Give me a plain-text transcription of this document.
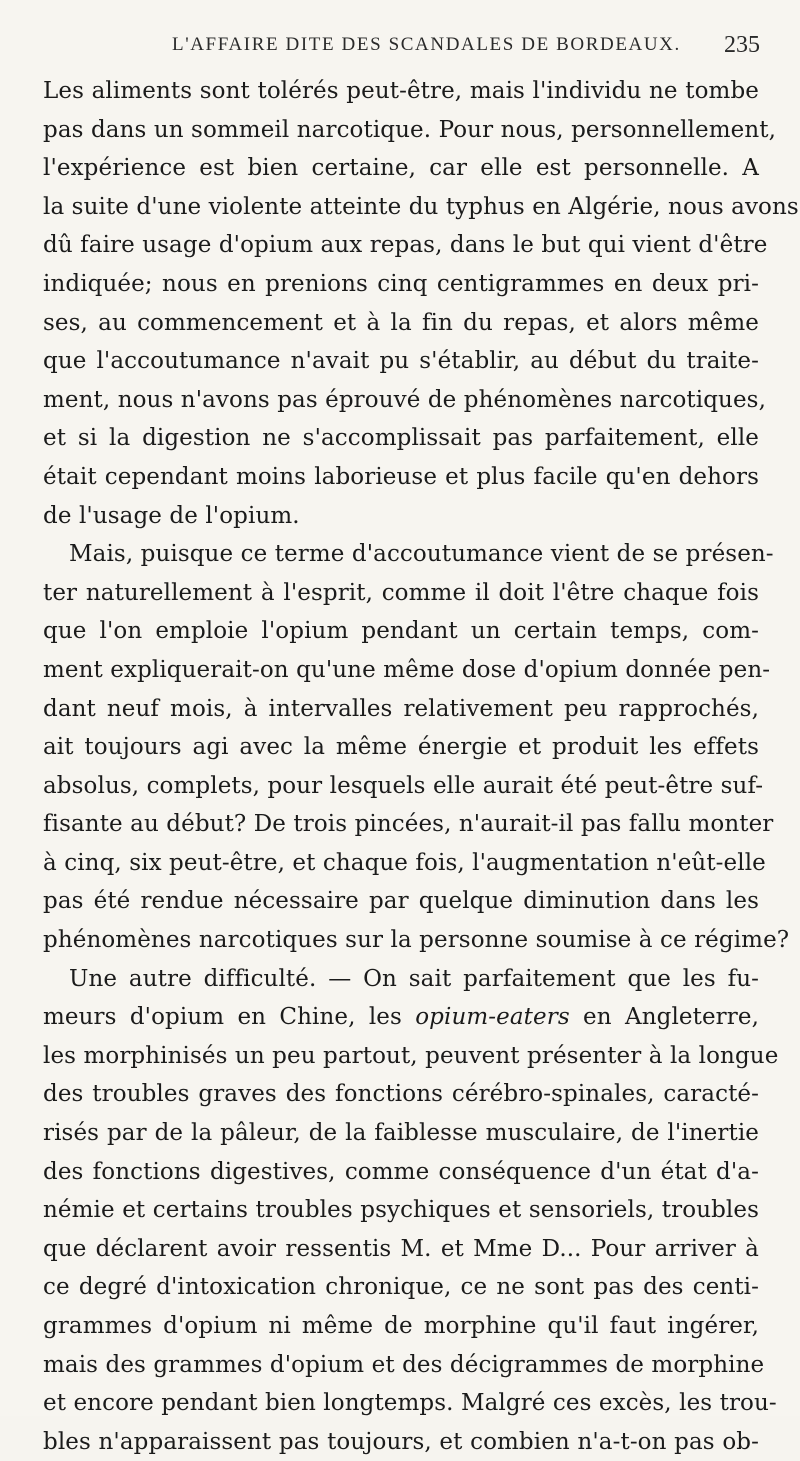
L'AFFAIRE DITE DES SCANDALES DE BORDEAUX. 235
Les aliments sont tolérés peut-être, mais l'individu ne tombe
pas dans un sommeil narcotique. Pour nous, personnellement,
l'expérience est bien certaine, car elle est personnelle. A
la suite d'une violente atteinte du typhus en Algérie, nous avons
dû faire usage d'opium aux repas, dans le but qui vient d'être
indiquée; nous en prenions cinq centigrammes en deux pri-
ses, au commencement et à la fin du repas, et alors même
que l'accoutumance n'avait pu s'établir, au début du traite-
ment, nous n'avons pas éprouvé de phénomènes narcotiques,
et si la digestion ne s'accomplissait pas parfaitement, elle
était cependant moins laborieuse et plus facile qu'en dehors
de l'usage de l'opium.
Mais, puisque ce terme d'accoutumance vient de se présen-
ter naturellement à l'esprit, comme il doit l'être chaque fois
que l'on emploie l'opium pendant un certain temps, com-
ment expliquerait-on qu'une même dose d'opium donnée pen-
dant neuf mois, à intervalles relativement peu rapprochés,
ait toujours agi avec la même énergie et produit les effets
absolus, complets, pour lesquels elle aurait été peut-être suf-
fisante au début? De trois pincées, n'aurait-il pas fallu monter
à cinq, six peut-être, et chaque fois, l'augmentation n'eût-elle
pas été rendue nécessaire par quelque diminution dans les
phénomènes narcotiques sur la personne soumise à ce régime?
Une autre difficulté. — On sait parfaitement que les fu-
meurs d'opium en Chine, les opium-eaters en Angleterre,
les morphinisés un peu partout, peuvent présenter à la longue
des troubles graves des fonctions cérébro-spinales, caracté-
risés par de la pâleur, de la faiblesse musculaire, de l'inertie
des fonctions digestives, comme conséquence d'un état d'a-
némie et certains troubles psychiques et sensoriels, troubles
que déclarent avoir ressentis M. et Mme D... Pour arriver à
ce degré d'intoxication chronique, ce ne sont pas des centi-
grammes d'opium ni même de morphine qu'il faut ingérer,
mais des grammes d'opium et des décigrammes de morphine
et encore pendant bien longtemps. Malgré ces excès, les trou-
bles n'apparaissent pas toujours, et combien n'a-t-on pas ob-
